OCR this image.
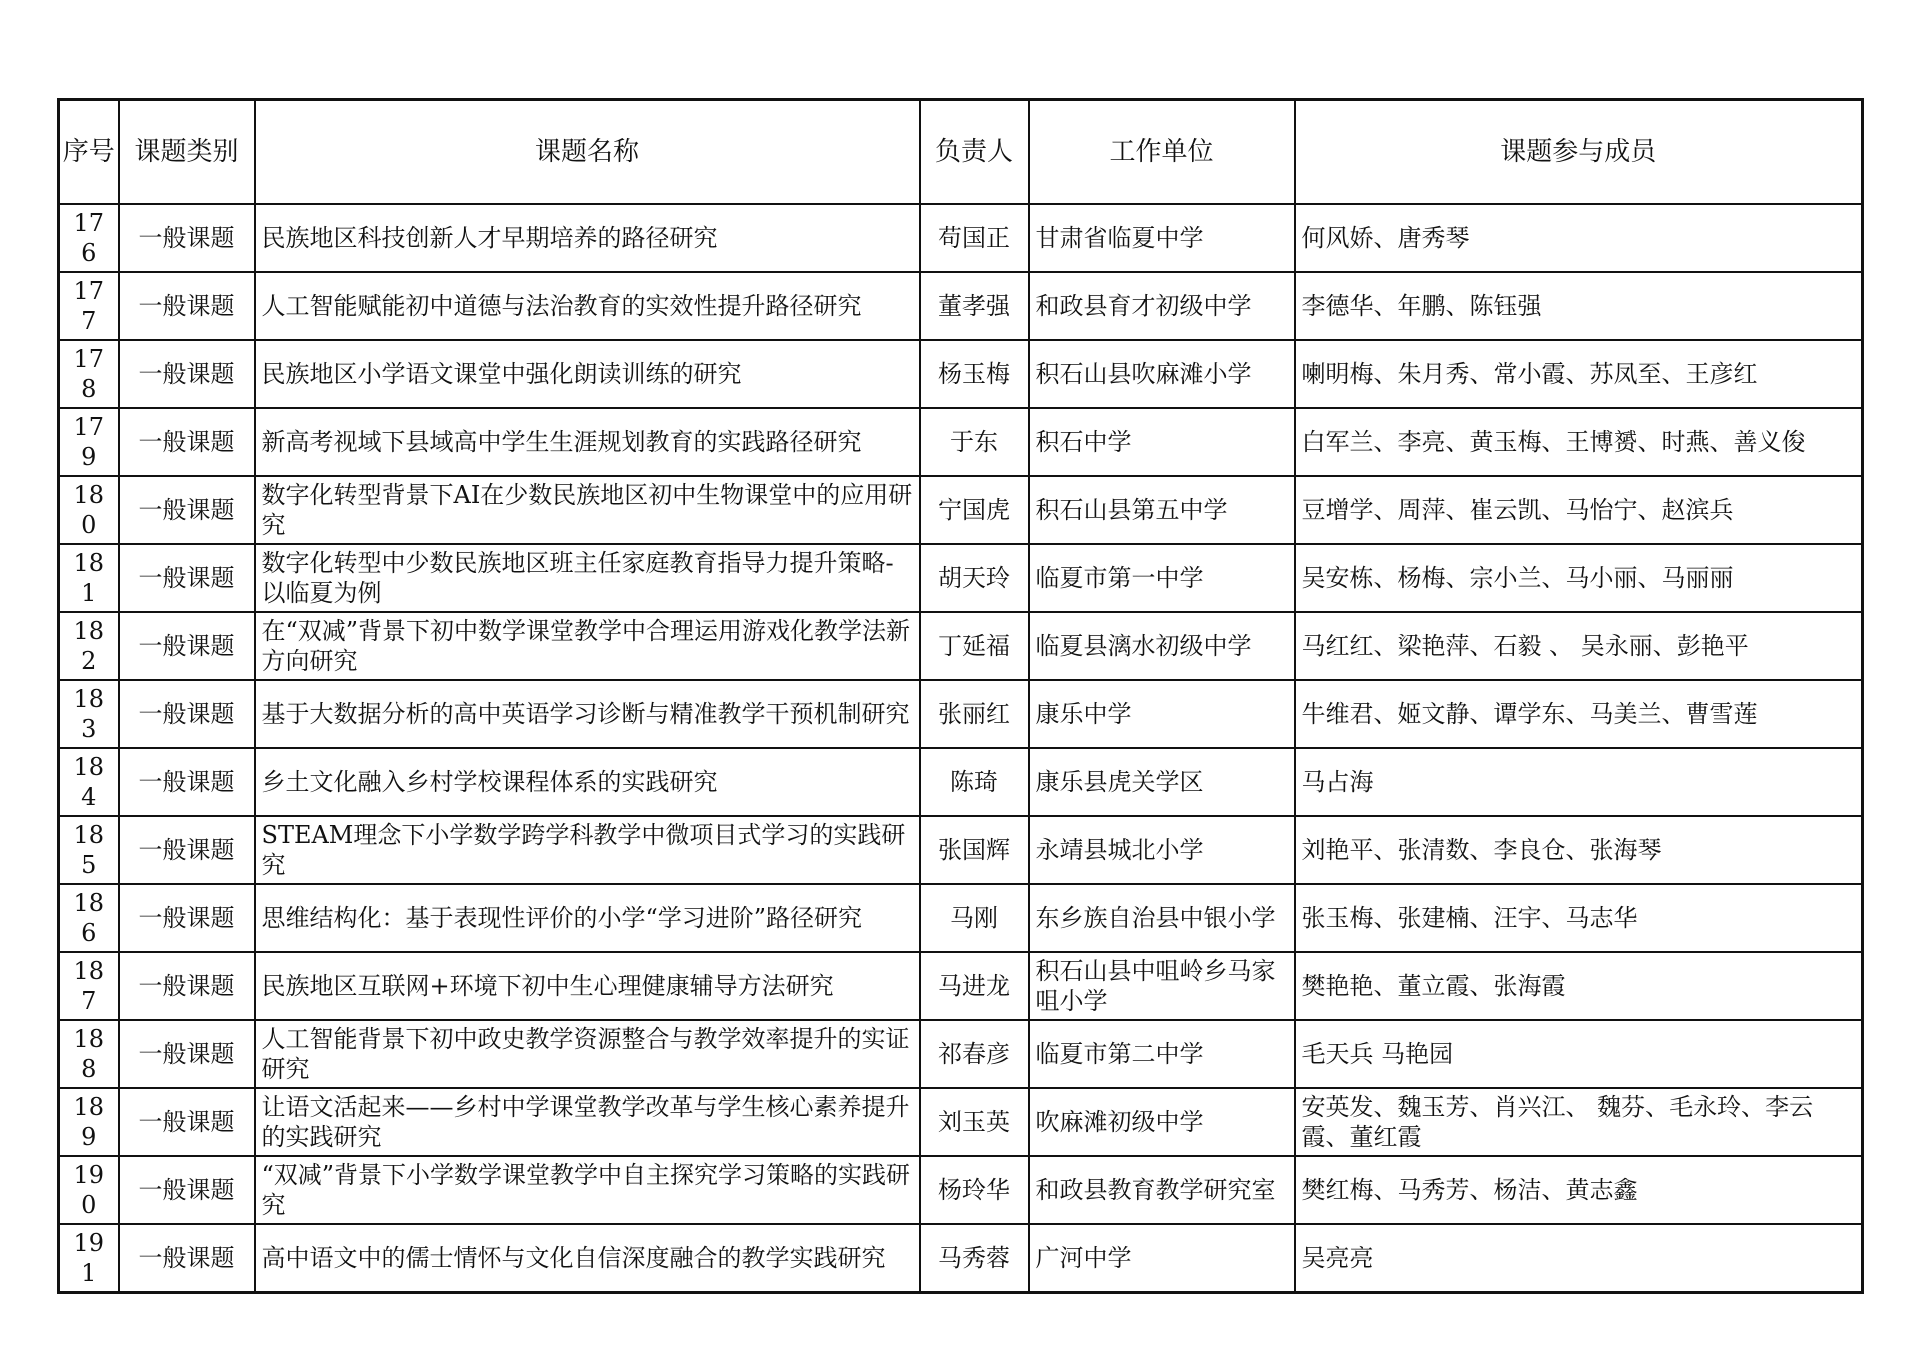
序号	课题类别	课题名称	负责人	工作单位	课题参与成员
176	一般课题	民族地区科技创新人才早期培养的路径研究	苟国正	甘肃省临夏中学	何风娇、唐秀琴
177	一般课题	人工智能赋能初中道德与法治教育的实效性提升路径研究	董孝强	和政县育才初级中学	李德华、年鹏、陈钰强
178	一般课题	民族地区小学语文课堂中强化朗读训练的研究	杨玉梅	积石山县吹麻滩小学	喇明梅、朱月秀、常小霞、苏凤至、王彦红
179	一般课题	新高考视域下县域高中学生生涯规划教育的实践路径研究	于东	积石中学	白军兰、李亮、黄玉梅、王博赟、时燕、善义俊
180	一般课题	数字化转型背景下AI在少数民族地区初中生物课堂中的应用研究	宁国虎	积石山县第五中学	豆增学、周萍、崔云凯、马怡宁、赵滨兵
181	一般课题	数字化转型中少数民族地区班主任家庭教育指导力提升策略-以临夏为例	胡天玲	临夏市第一中学	吴安栋、杨梅、宗小兰、马小丽、马丽丽
182	一般课题	在“双减”背景下初中数学课堂教学中合理运用游戏化教学法新方向研究	丁延福	临夏县漓水初级中学	马红红、梁艳萍、石毅 、 吴永丽、彭艳平
183	一般课题	基于大数据分析的高中英语学习诊断与精准教学干预机制研究	张丽红	康乐中学	牛维君、姬文静、谭学东、马美兰、曹雪莲
184	一般课题	乡土文化融入乡村学校课程体系的实践研究	陈琦	康乐县虎关学区	马占海
185	一般课题	STEAM理念下小学数学跨学科教学中微项目式学习的实践研究	张国辉	永靖县城北小学	刘艳平、张清数、李良仓、张海琴
186	一般课题	思维结构化：基于表现性评价的小学“学习进阶”路径研究	马刚	东乡族自治县中银小学	张玉梅、张建楠、汪宇、马志华
187	一般课题	民族地区互联网+环境下初中生心理健康辅导方法研究	马进龙	积石山县中咀岭乡马家咀小学	樊艳艳、董立霞、张海霞
188	一般课题	人工智能背景下初中政史教学资源整合与教学效率提升的实证研究	祁春彦	临夏市第二中学	毛天兵 马艳园
189	一般课题	让语文活起来——乡村中学课堂教学改革与学生核心素养提升的实践研究	刘玉英	吹麻滩初级中学	安英发、魏玉芳、肖兴江、 魏芬、毛永玲、李云霞、董红霞
190	一般课题	“双减”背景下小学数学课堂教学中自主探究学习策略的实践研究	杨玲华	和政县教育教学研究室	樊红梅、马秀芳、杨洁、黄志鑫
191	一般课题	高中语文中的儒士情怀与文化自信深度融合的教学实践研究	马秀蓉	广河中学	吴亮亮
